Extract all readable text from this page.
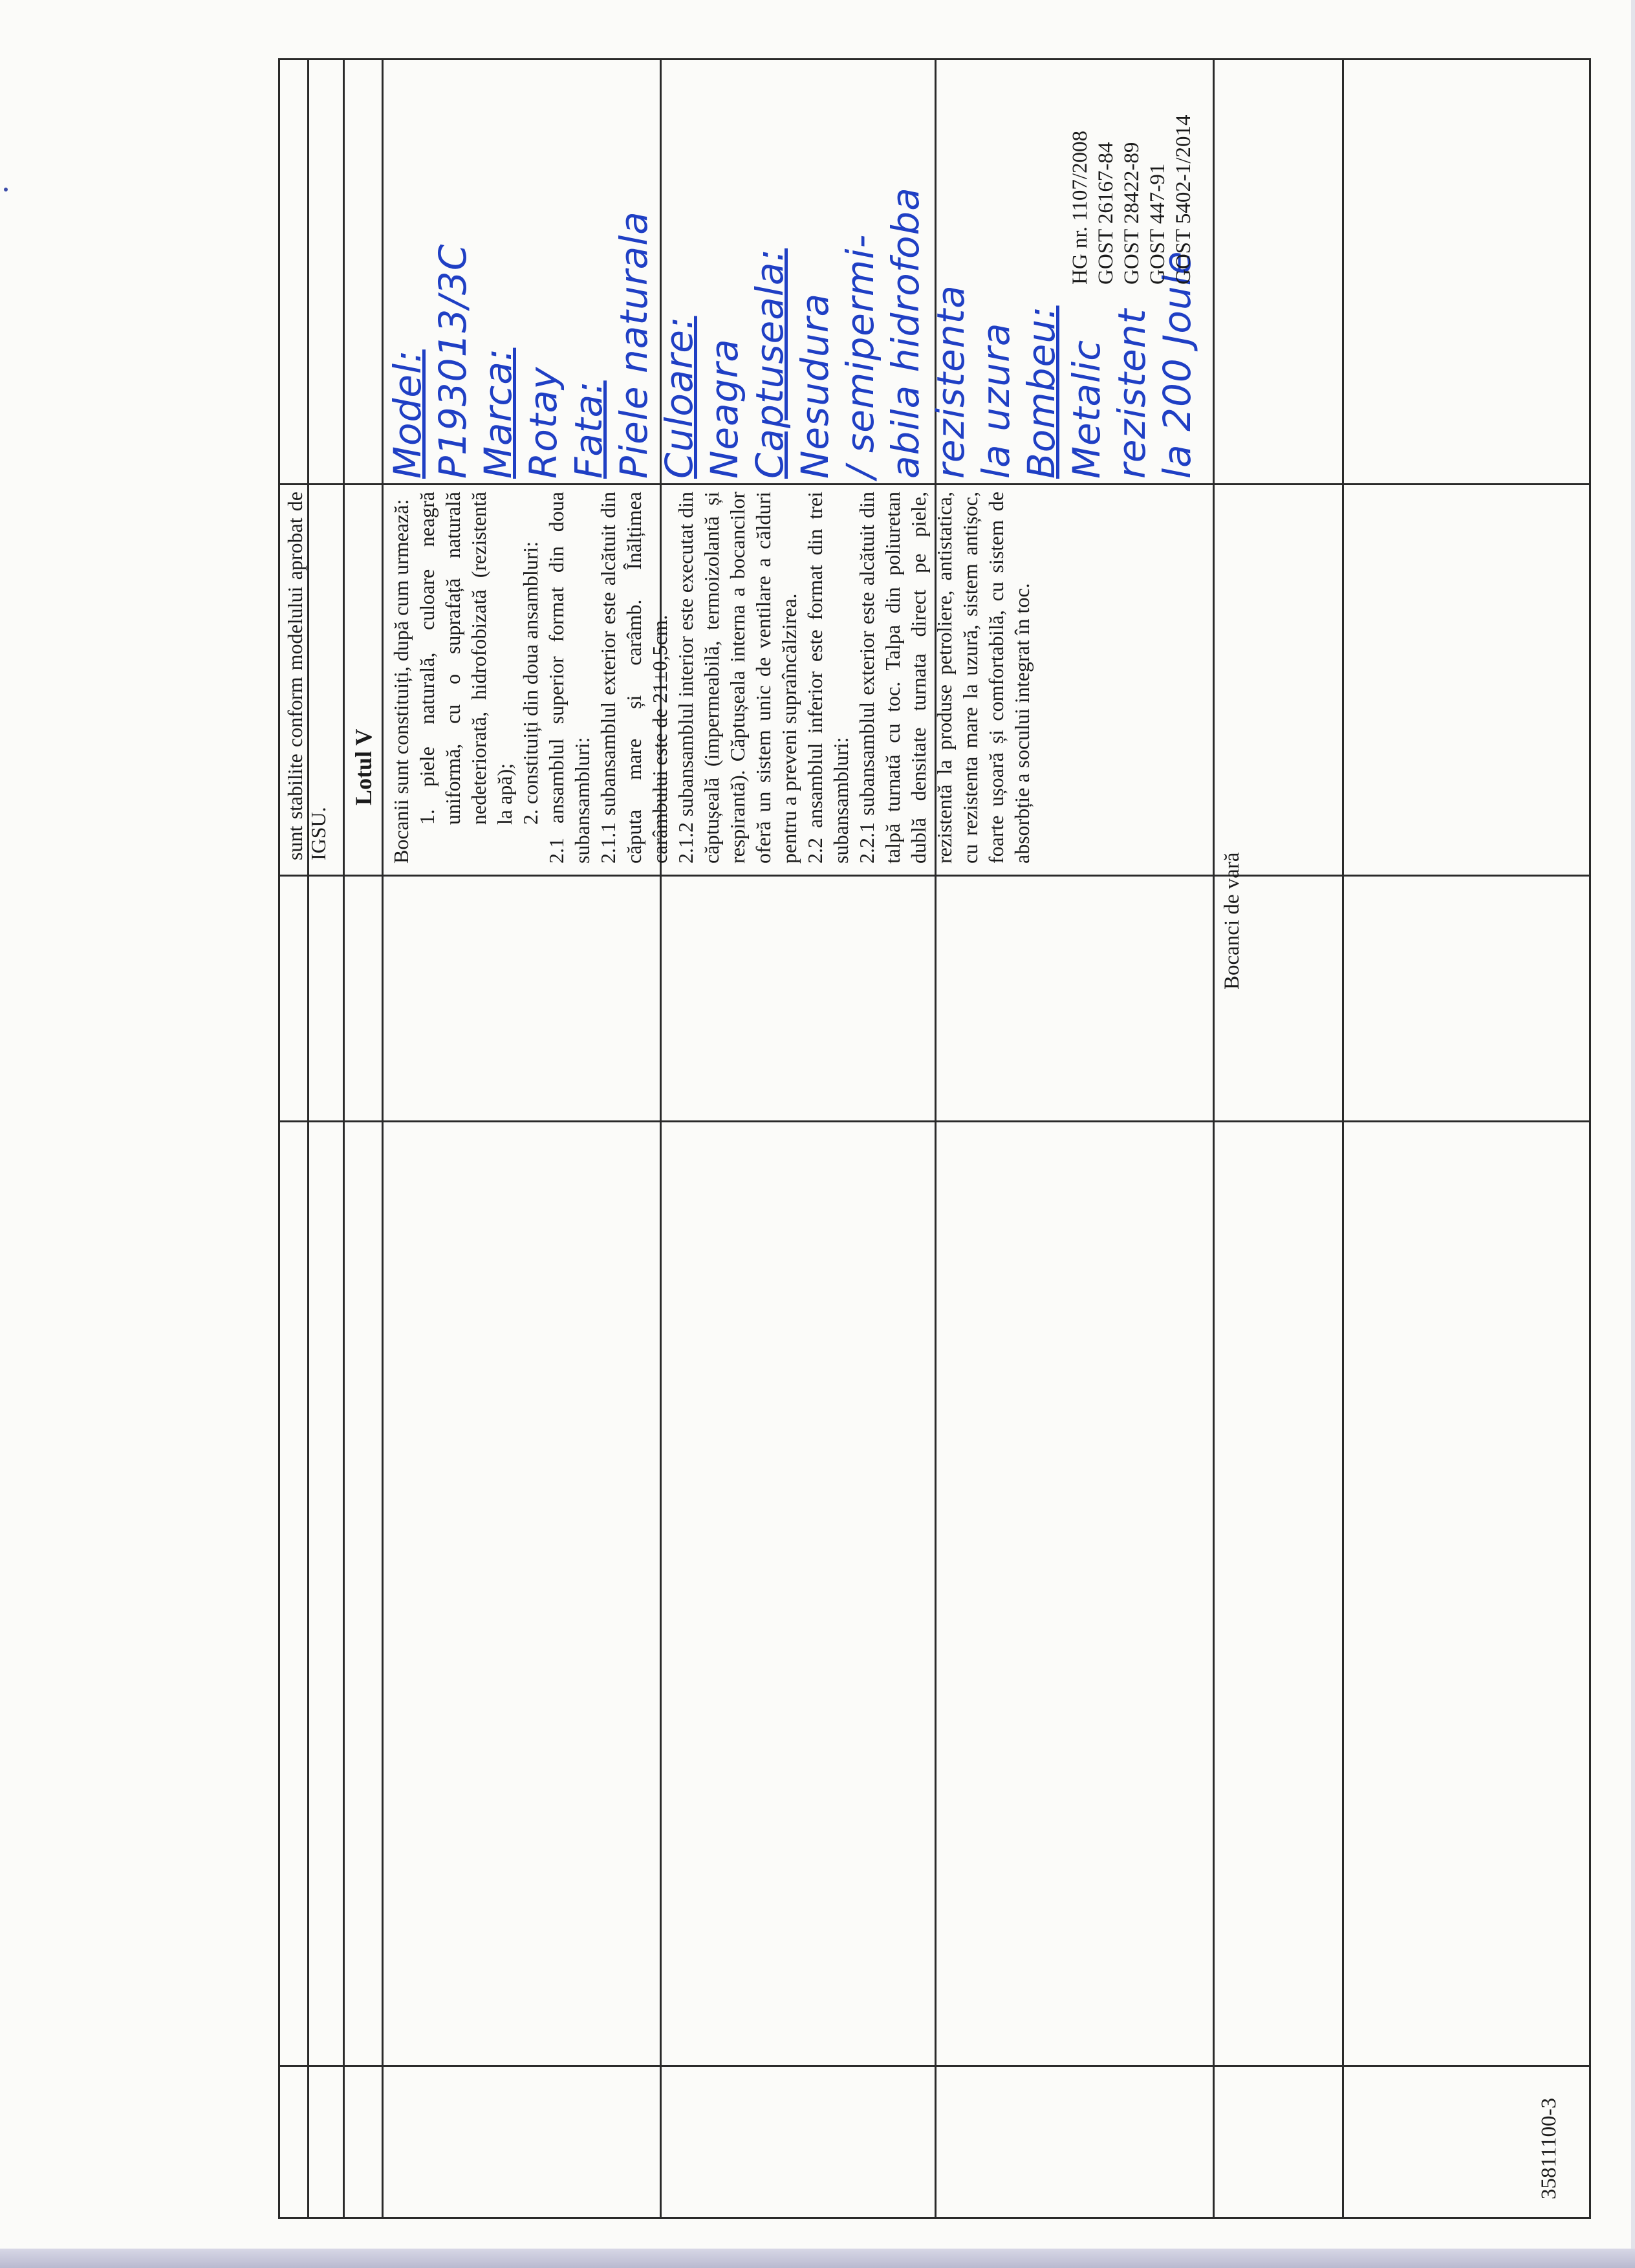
sunt stabilite conform modelului aprobat de IGSU.
Lotul V
35811100-3
Bocanci de vară

Bocanii sunt constituiți, după cum urmează: 1. piele naturală, culoare neagră uniformă, cu o suprafață naturală nedeteriorată, hidrofobizată (rezistentă la apă); 2. constituiți din doua ansambluri: 2.1 ansamblul superior format din doua subansambluri: 2.1.1 subansamblul exterior este alcătuit din căputa mare și carâmb. Înălțimea carâmbului este de 21±0,5cm. 2.1.2 subansamblul interior este executat din căptușeală (impermeabilă, termoizolantă și respirantă). Căptușeala interna a bocancilor oferă un sistem unic de ventilare a călduri pentru a preveni supraîncălzirea. 2.2 ansamblul inferior este format din trei subansambluri: 2.2.1 subansamblul exterior este alcătuit din talpă turnată cu toc. Talpa din poliuretan dublă densitate turnata direct pe piele, rezistentă la produse petroliere, antistatica, cu rezistenta mare la uzură, sistem antișoc, foarte ușoară și comfortabilă, cu sistem de absorbție a socului integrat în toc.

Model: P193013/3C Marca: Rotay Fata: Piele naturala Culoare: Neagra Captuseala: Nesudura / semipermi- abila hidrofoba rezistenta la uzura Bombeu: Metalic rezistent la 200 Joule
HG nr. 1107/2008 GOST 26167-84 GOST 28422-89 GOST 447-91 GOST 5402-1/2014
